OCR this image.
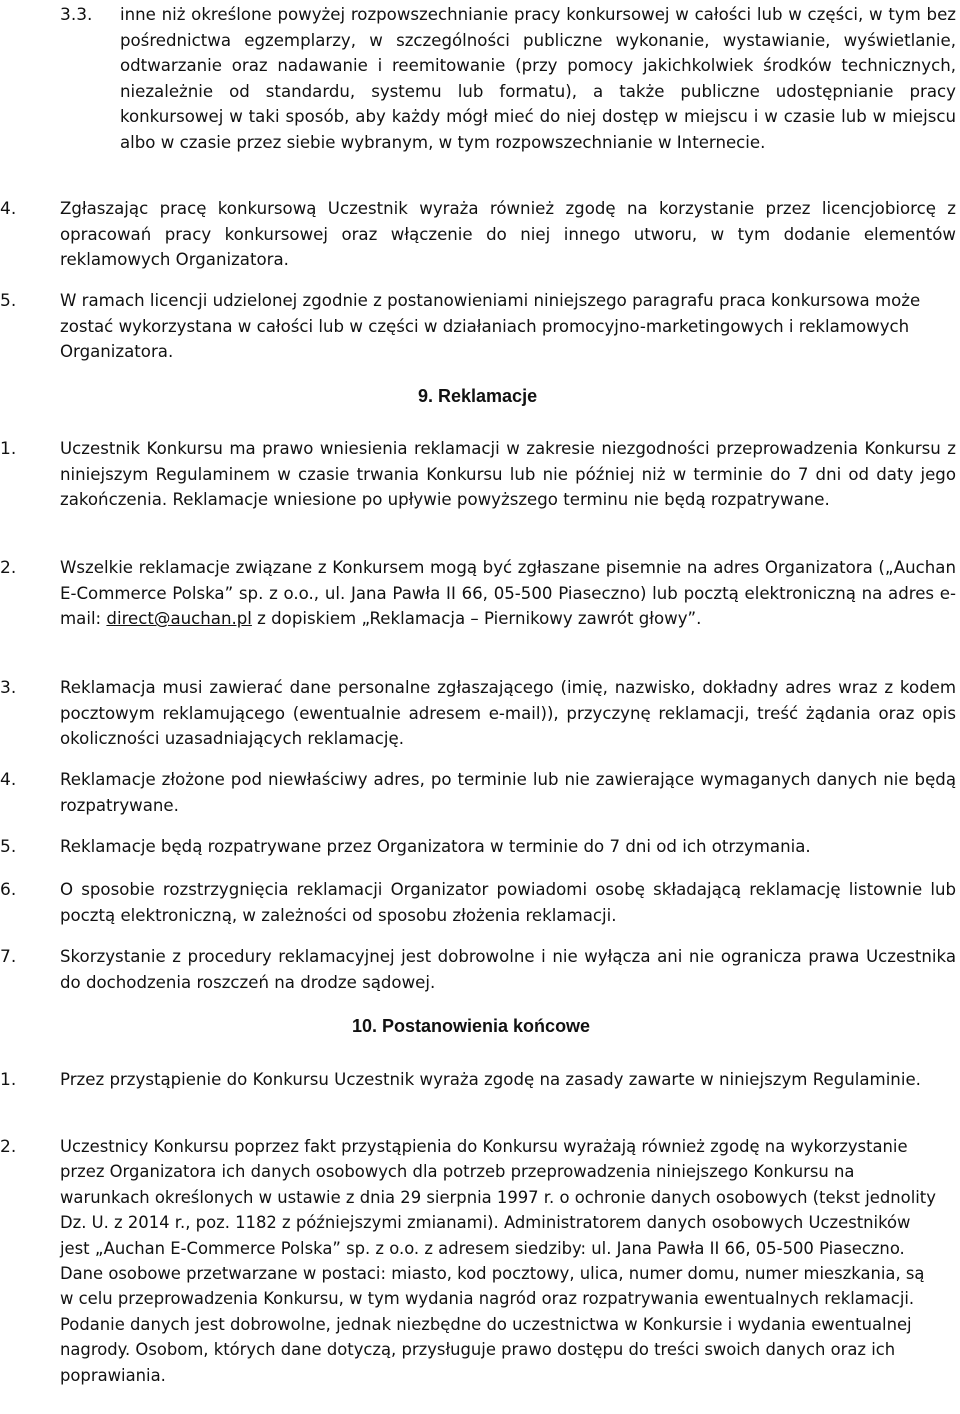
3.3. inne niż określone powyżej rozpowszechnianie pracy konkursowej w całości lub w części, w tym bez pośrednictwa egzemplarzy, w szczególności publiczne wykonanie, wystawianie, wyświetlanie, odtwarzanie oraz nadawanie i reemitowanie (przy pomocy jakichkolwiek środków technicznych, niezależnie od standardu, systemu lub formatu), a także publiczne udostępnianie pracy konkursowej w taki sposób, aby każdy mógł mieć do niej dostęp w miejscu i w czasie lub w miejscu albo w czasie przez siebie wybranym, w tym rozpowszechnianie w Internecie.

4.	Zgłaszając pracę konkursową Uczestnik wyraża również zgodę na korzystanie przez licencjobiorcę z opracowań pracy konkursowej oraz włączenie do niej innego utworu, w tym dodanie elementów reklamowych Organizatora.

5.	W ramach licencji udzielonej zgodnie z postanowieniami niniejszego paragrafu praca konkursowa może zostać wykorzystana w całości lub w części w działaniach promocyjno-marketingowych i reklamowych Organizatora.

9. Reklamacje
1.	Uczestnik Konkursu ma prawo wniesienia reklamacji w zakresie niezgodności przeprowadzenia Konkursu z niniejszym Regulaminem w czasie trwania Konkursu lub nie później niż w terminie do 7 dni od daty jego zakończenia. Reklamacje wniesione po upływie powyższego terminu nie będą rozpatrywane.

2.	Wszelkie reklamacje związane z Konkursem mogą być zgłaszane pisemnie na adres Organizatora („Auchan E-Commerce Polska” sp. z o.o., ul. Jana Pawła II 66, 05-500 Piaseczno) lub pocztą elektroniczną na adres e-mail: direct@auchan.pl z dopiskiem „Reklamacja – Piernikowy zawrót głowy”.

3.	Reklamacja musi zawierać dane personalne zgłaszającego (imię, nazwisko, dokładny adres wraz z kodem pocztowym reklamującego (ewentualnie adresem e-mail)), przyczynę reklamacji, treść żądania oraz opis okoliczności uzasadniających reklamację.

4.	Reklamacje złożone pod niewłaściwy adres, po terminie lub nie zawierające wymaganych danych nie będą rozpatrywane.

5.	Reklamacje będą rozpatrywane przez Organizatora w terminie do 7 dni od ich otrzymania.

6.	O sposobie rozstrzygnięcia reklamacji Organizator powiadomi osobę składającą reklamację listownie lub pocztą elektroniczną, w zależności od sposobu złożenia reklamacji.

7.	Skorzystanie z procedury reklamacyjnej jest dobrowolne i nie wyłącza ani nie ogranicza prawa Uczestnika do dochodzenia roszczeń na drodze sądowej.

10. Postanowienia końcowe
1.	Przez przystąpienie do Konkursu Uczestnik wyraża zgodę na zasady zawarte w niniejszym Regulaminie.

2.	Uczestnicy Konkursu poprzez fakt przystąpienia do Konkursu wyrażają również zgodę na wykorzystanie przez Organizatora ich danych osobowych dla potrzeb przeprowadzenia niniejszego Konkursu na warunkach określonych w ustawie z dnia 29 sierpnia 1997 r. o ochronie danych osobowych (tekst jednolity Dz. U. z 2014 r., poz. 1182 z późniejszymi zmianami). Administratorem danych osobowych Uczestników jest „Auchan E-Commerce Polska” sp. z o.o. z adresem siedziby: ul. Jana Pawła II 66, 05-500 Piaseczno. Dane osobowe przetwarzane w postaci: miasto, kod pocztowy, ulica, numer domu, numer mieszkania, są w celu przeprowadzenia Konkursu, w tym wydania nagród oraz rozpatrywania ewentualnych reklamacji. Podanie danych jest dobrowolne, jednak niezbędne do uczestnictwa w Konkursie i wydania ewentualnej nagrody. Osobom, których dane dotyczą, przysługuje prawo dostępu do treści swoich danych oraz ich poprawiania.
